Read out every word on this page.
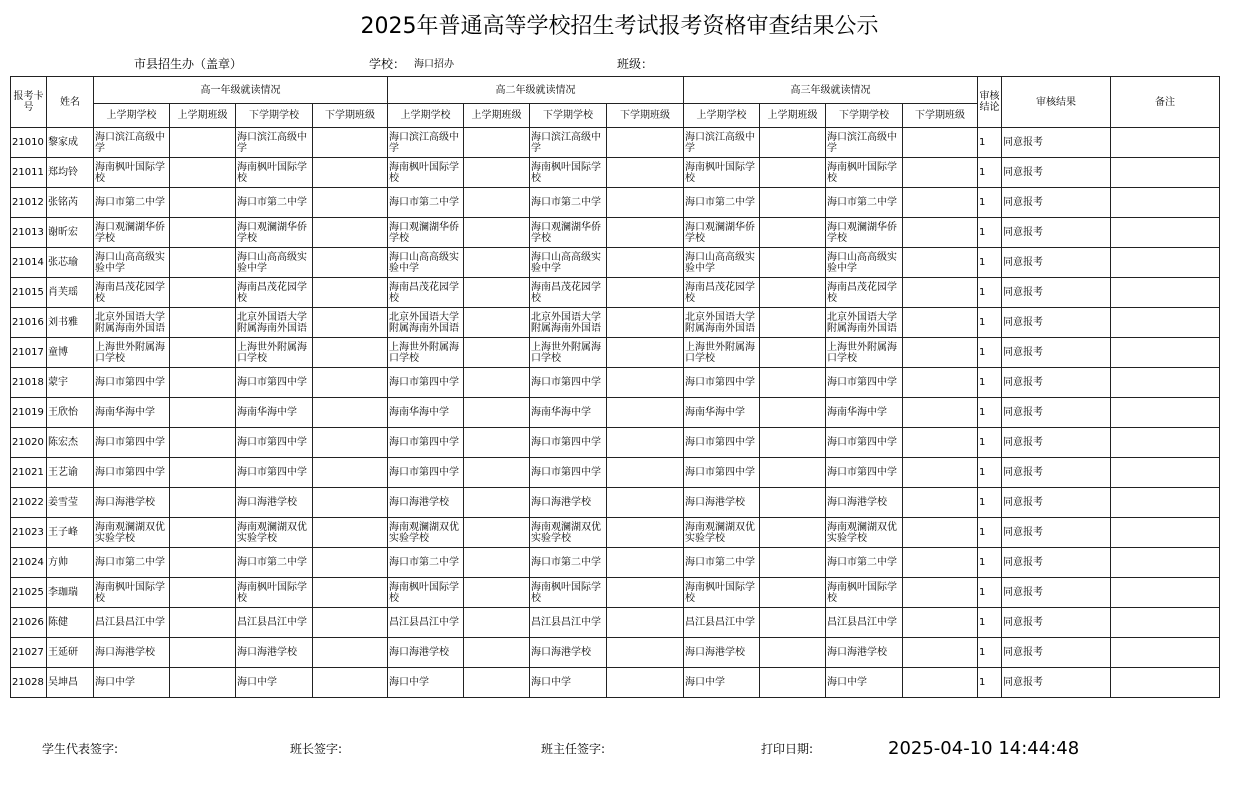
2025年普通高等学校招生考试报考资格审查结果公示
市县招生办（盖章）	学校： 海口招办	班级：
报考卡号	姓名	高一年级就读情况				高二年级就读情况				高三年级就读情况				审核结论	审核结果	备注
		上学期学校	上学期班级	下学期学校	下学期班级	上学期学校	上学期班级	下学期学校	下学期班级	上学期学校	上学期班级	下学期学校	下学期班级			
21010	黎家成	海口滨江高级中学		海口滨江高级中学		海口滨江高级中学		海口滨江高级中学		海口滨江高级中学		海口滨江高级中学		1	同意报考	
21011	郑均铃	海南枫叶国际学校		海南枫叶国际学校		海南枫叶国际学校		海南枫叶国际学校		海南枫叶国际学校		海南枫叶国际学校		1	同意报考	
21012	张铭芮	海口市第二中学		海口市第二中学		海口市第二中学		海口市第二中学		海口市第二中学		海口市第二中学		1	同意报考	
21013	谢昕宏	海口观澜湖华侨学校		海口观澜湖华侨学校		海口观澜湖华侨学校		海口观澜湖华侨学校		海口观澜湖华侨学校		海口观澜湖华侨学校		1	同意报考	
21014	张芯瑜	海口山高高级实验中学		海口山高高级实验中学		海口山高高级实验中学		海口山高高级实验中学		海口山高高级实验中学		海口山高高级实验中学		1	同意报考	
21015	肖芙瑶	海南昌茂花园学校		海南昌茂花园学校		海南昌茂花园学校		海南昌茂花园学校		海南昌茂花园学校		海南昌茂花园学校		1	同意报考	
21016	刘书雅	北京外国语大学附属海南外国语		北京外国语大学附属海南外国语		北京外国语大学附属海南外国语		北京外国语大学附属海南外国语		北京外国语大学附属海南外国语		北京外国语大学附属海南外国语		1	同意报考	
21017	童博	上海世外附属海口学校		上海世外附属海口学校		上海世外附属海口学校		上海世外附属海口学校		上海世外附属海口学校		上海世外附属海口学校		1	同意报考	
21018	蒙宇	海口市第四中学		海口市第四中学		海口市第四中学		海口市第四中学		海口市第四中学		海口市第四中学		1	同意报考	
21019	王欣怡	海南华海中学		海南华海中学		海南华海中学		海南华海中学		海南华海中学		海南华海中学		1	同意报考	
21020	陈宏杰	海口市第四中学		海口市第四中学		海口市第四中学		海口市第四中学		海口市第四中学		海口市第四中学		1	同意报考	
21021	王艺谕	海口市第四中学		海口市第四中学		海口市第四中学		海口市第四中学		海口市第四中学		海口市第四中学		1	同意报考	
21022	姜雪莹	海口海港学校		海口海港学校		海口海港学校		海口海港学校		海口海港学校		海口海港学校		1	同意报考	
21023	王子峰	海南观澜湖双优实验学校		海南观澜湖双优实验学校		海南观澜湖双优实验学校		海南观澜湖双优实验学校		海南观澜湖双优实验学校		海南观澜湖双优实验学校		1	同意报考	
21024	方帅	海口市第二中学		海口市第二中学		海口市第二中学		海口市第二中学		海口市第二中学		海口市第二中学		1	同意报考	
21025	李珈瑞	海南枫叶国际学校		海南枫叶国际学校		海南枫叶国际学校		海南枫叶国际学校		海南枫叶国际学校		海南枫叶国际学校		1	同意报考	
21026	陈健	昌江县昌江中学		昌江县昌江中学		昌江县昌江中学		昌江县昌江中学		昌江县昌江中学		昌江县昌江中学		1	同意报考	
21027	王延研	海口海港学校		海口海港学校		海口海港学校		海口海港学校		海口海港学校		海口海港学校		1	同意报考	
21028	吴坤昌	海口中学		海口中学		海口中学		海口中学		海口中学		海口中学		1	同意报考	
学生代表签字:	班长签字:	班主任签字:	打印日期:	2025-04-10 14:44:48
